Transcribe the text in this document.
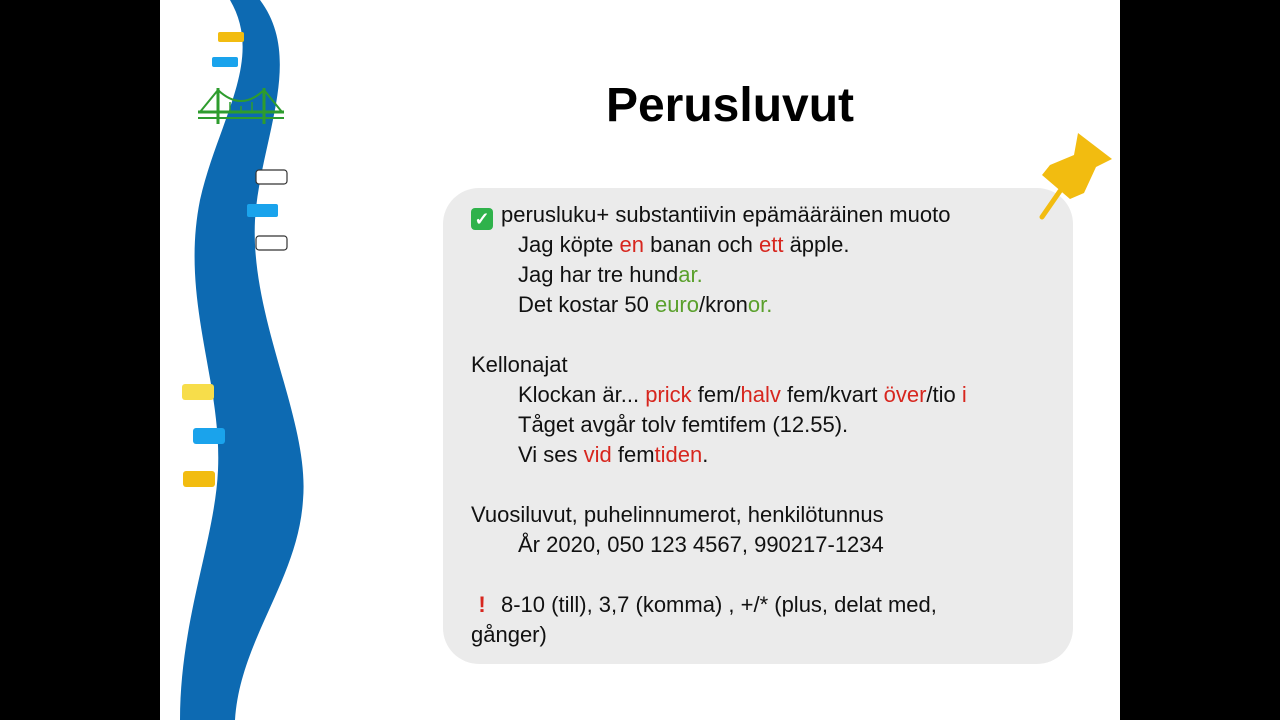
Perusluvut
✓ perusluku+ substantiivin epämääräinen muoto
Jag köpte en banan och ett äpple.
Jag har tre hundar.
Det kostar 50 euro/kronor.
Kellonajat
Klockan är... prick fem/halv fem/kvart över/tio i
Tåget avgår tolv femtifem (12.55).
Vi ses vid femtiden.
Vuosiluvut, puhelinnumerot, henkilötunnus
År 2020, 050 123 4567, 990217-1234
! 8-10 (till), 3,7 (komma) , +/* (plus, delat med, gånger)
